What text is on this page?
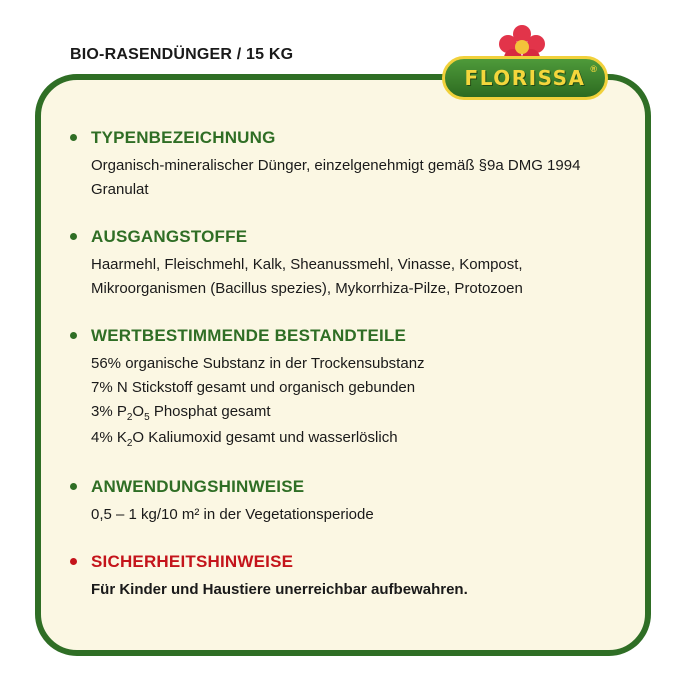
BIO-RASENDÜNGER / 15 KG
FLORISSA ®
TYPENBEZEICHNUNG
Organisch-mineralischer Dünger, einzelgenehmigt gemäß §9a DMG 1994
Granulat
AUSGANGSTOFFE
Haarmehl, Fleischmehl, Kalk, Sheanussmehl, Vinasse, Kompost,
Mikroorganismen (Bacillus spezies), Mykorrhiza-Pilze, Protozoen
WERTBESTIMMENDE BESTANDTEILE
56% organische Substanz in der Trockensubstanz
7% N Stickstoff gesamt und organisch gebunden
3% $P_2O_5$ Phosphat gesamt
4% $K_2O$ Kaliumoxid gesamt und wasserlöslich
ANWENDUNGSHINWEISE
0,5 – 1 kg/10 m² in der Vegetationsperiode
SICHERHEITSHINWEISE
Für Kinder und Haustiere unerreichbar aufbewahren.
